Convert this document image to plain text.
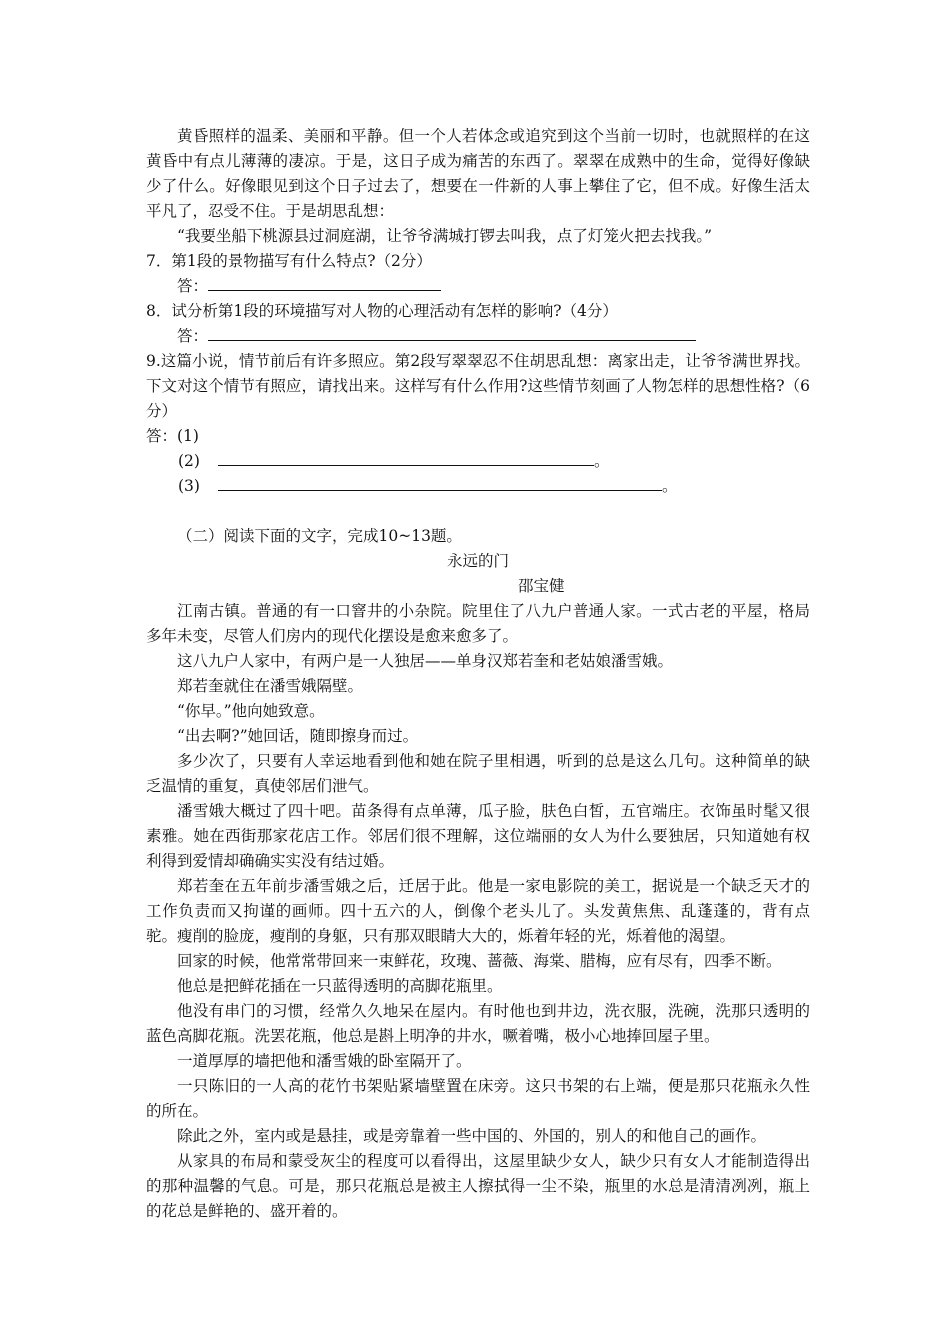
黄昏照样的温柔、美丽和平静。但一个人若体念或追究到这个当前一切时，也就照样的在这黄昏中有点儿薄薄的凄凉。于是，这日子成为痛苦的东西了。翠翠在成熟中的生命，觉得好像缺少了什么。好像眼见到这个日子过去了，想要在一件新的人事上攀住了它，但不成。好像生活太平凡了，忍受不住。于是胡思乱想：

“我要坐船下桃源县过洞庭湖，让爷爷满城打锣去叫我，点了灯笼火把去找我。”

7．第1段的景物描写有什么特点?（2分）
答：
8．试分析第1段的环境描写对人物的心理活动有怎样的影响?（4分）
答：

9.这篇小说，情节前后有许多照应。第2段写翠翠忍不住胡思乱想：离家出走，让爷爷满世界找。下文对这个情节有照应，请找出来。这样写有什么作用?这些情节刻画了人物怎样的思想性格?（6分）

答：(1)
(2)	。
(3)	。
（二）阅读下面的文字，完成10~13题。
永远的门
邵宝健

江南古镇。普通的有一口窨井的小杂院。院里住了八九户普通人家。一式古老的平屋，格局多年未变，尽管人们房内的现代化摆设是愈来愈多了。

这八九户人家中，有两户是一人独居——单身汉郑若奎和老姑娘潘雪娥。

郑若奎就住在潘雪娥隔壁。

“你早。”他向她致意。

“出去啊?”她回话，随即擦身而过。

多少次了，只要有人幸运地看到他和她在院子里相遇，听到的总是这么几句。这种简单的缺乏温情的重复，真使邻居们泄气。

潘雪娥大概过了四十吧。苗条得有点单薄，瓜子脸，肤色白皙，五官端庄。衣饰虽时髦又很素雅。她在西街那家花店工作。邻居们很不理解，这位端丽的女人为什么要独居，只知道她有权利得到爱情却确确实实没有结过婚。

郑若奎在五年前步潘雪娥之后，迁居于此。他是一家电影院的美工，据说是一个缺乏天才的工作负责而又拘谨的画师。四十五六的人，倒像个老头儿了。头发黄焦焦、乱蓬蓬的，背有点驼。瘦削的脸庞，瘦削的身躯，只有那双眼睛大大的，烁着年轻的光，烁着他的渴望。

回家的时候，他常常带回来一束鲜花，玫瑰、蔷薇、海棠、腊梅，应有尽有，四季不断。

他总是把鲜花插在一只蓝得透明的高脚花瓶里。

他没有串门的习惯，经常久久地呆在屋内。有时他也到井边，洗衣服，洗碗，洗那只透明的蓝色高脚花瓶。洗罢花瓶，他总是斟上明净的井水，噘着嘴，极小心地捧回屋子里。

一道厚厚的墙把他和潘雪娥的卧室隔开了。

一只陈旧的一人高的花竹书架贴紧墙壁置在床旁。这只书架的右上端，便是那只花瓶永久性的所在。

除此之外，室内或是悬挂，或是旁靠着一些中国的、外国的，别人的和他自己的画作。

从家具的布局和蒙受灰尘的程度可以看得出，这屋里缺少女人，缺少只有女人才能制造得出的那种温馨的气息。可是，那只花瓶总是被主人擦拭得一尘不染，瓶里的水总是清清冽冽，瓶上的花总是鲜艳的、盛开着的。
